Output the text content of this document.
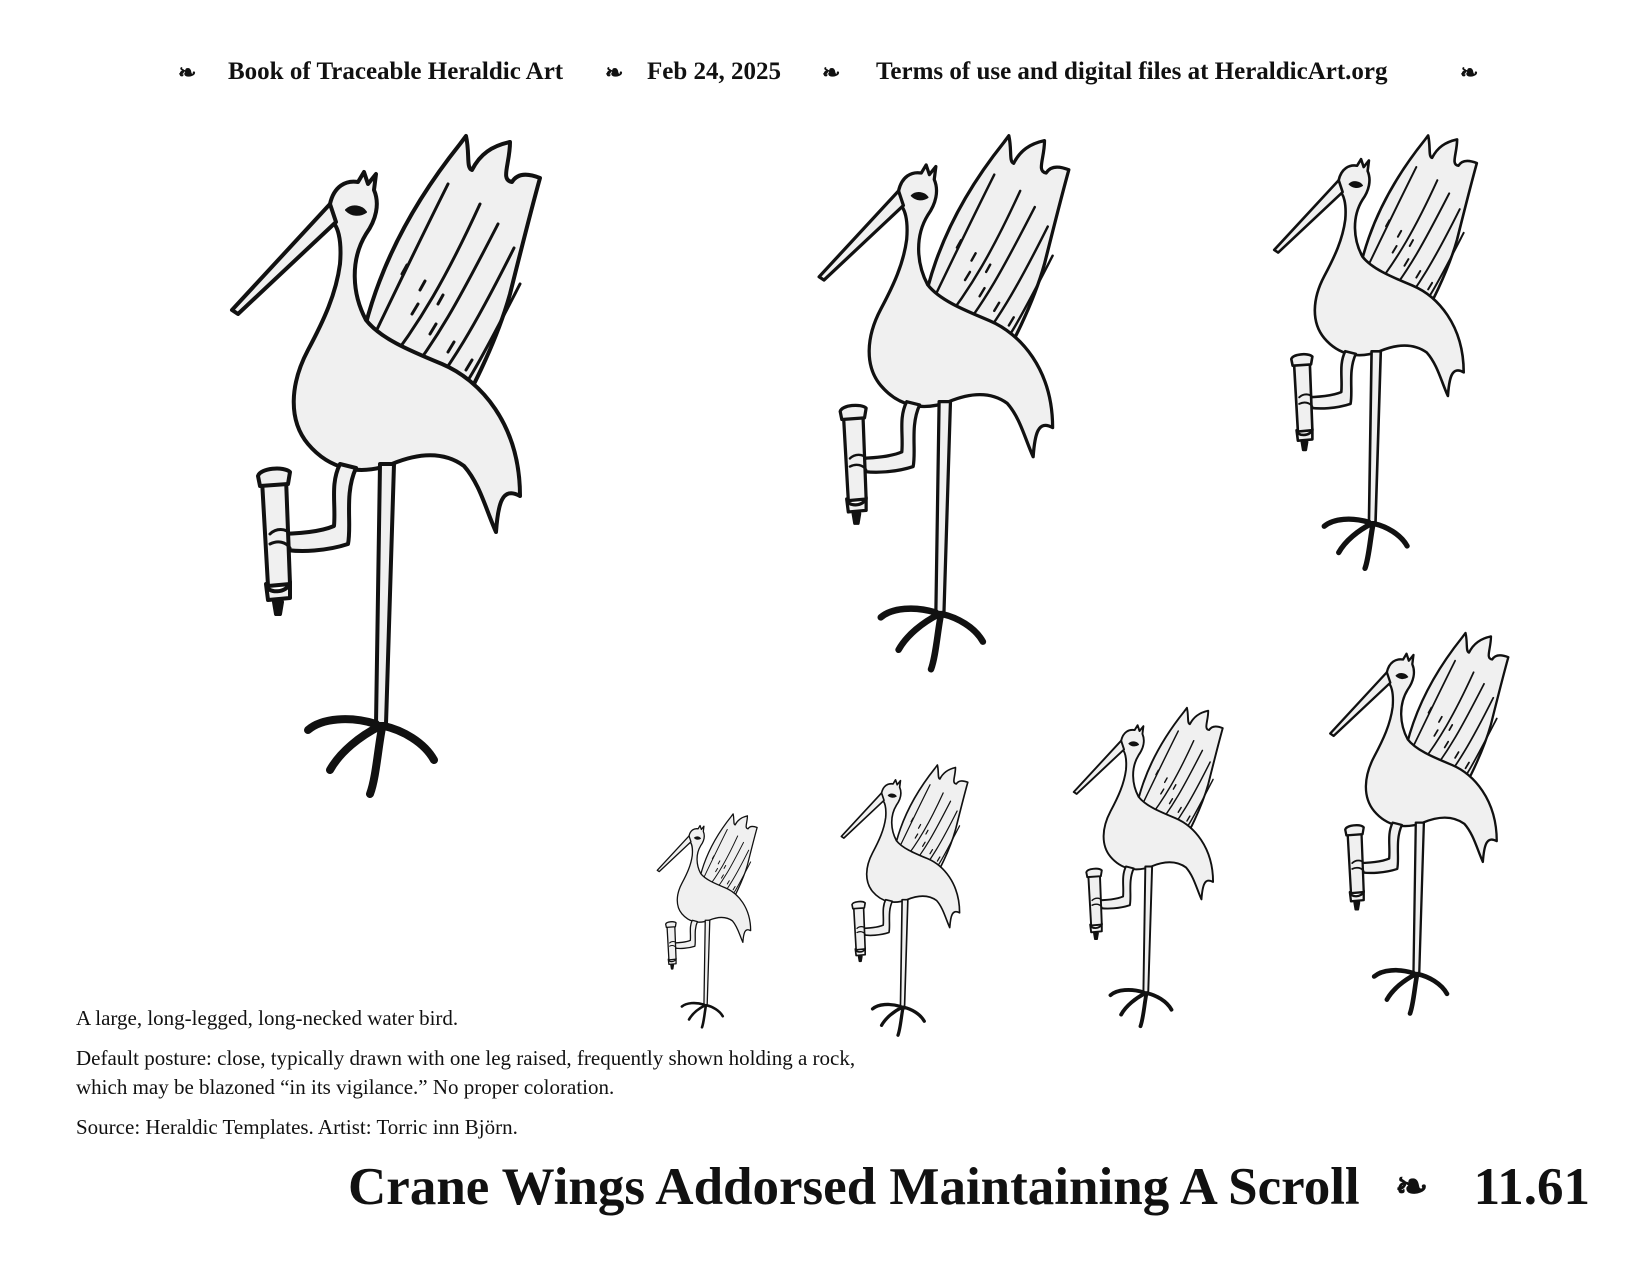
❧ Book of Traceable Heraldic Art ❧ Feb 24, 2025 ❧ Terms of use and digital files at HeraldicArt.org	❧
A large, long-legged, long-necked water bird.
Default posture: close, typically drawn with one leg raised, frequently shown holding a rock,
which may be blazoned “in its vigilance.” No proper coloration.
Source: Heraldic Templates. Artist: Torric inn Björn.
Crane Wings Addorsed Maintaining A Scroll ❧ 11.61
